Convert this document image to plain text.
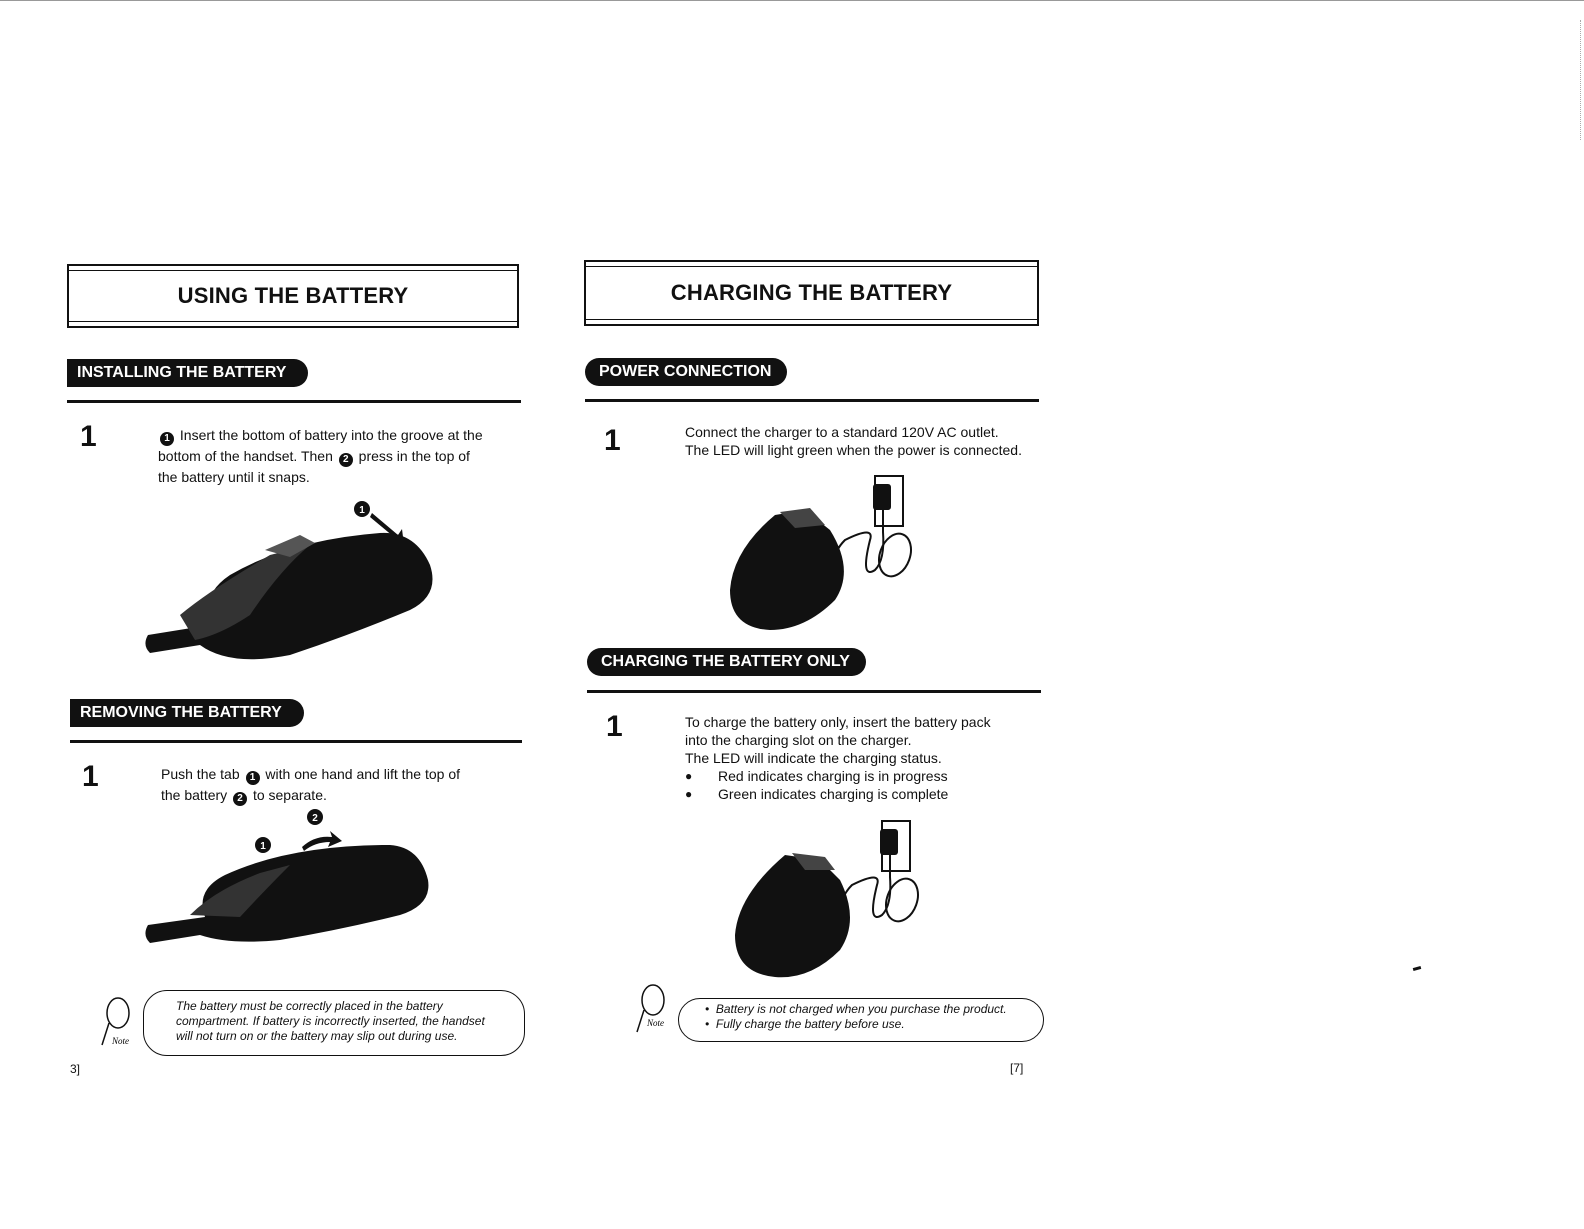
USING THE BATTERY
INSTALLING THE BATTERY
1	1 Insert the bottom of battery into the groove at the bottom of the handset. Then 2 press in the top of the battery until it snaps.
1
REMOVING THE BATTERY
1	Push the tab 1 with one hand and lift the top of the battery 2 to separate.
2
1
Note
The battery must be correctly placed in the battery compartment. If battery is incorrectly inserted, the handset will not turn on or the battery may slip out during use.
3]
CHARGING THE BATTERY
POWER CONNECTION
1	Connect the charger to a standard 120V AC outlet.
The LED will light green when the power is connected.
CHARGING THE BATTERY ONLY
1	To charge the battery only, insert the battery pack
into the charging slot on the charger.
The LED will indicate the charging status.
●	Red indicates charging is in progress
●	Green indicates charging is complete
Note
•  Battery is not charged when you purchase the product.
•  Fully charge the battery before use.
[7]
